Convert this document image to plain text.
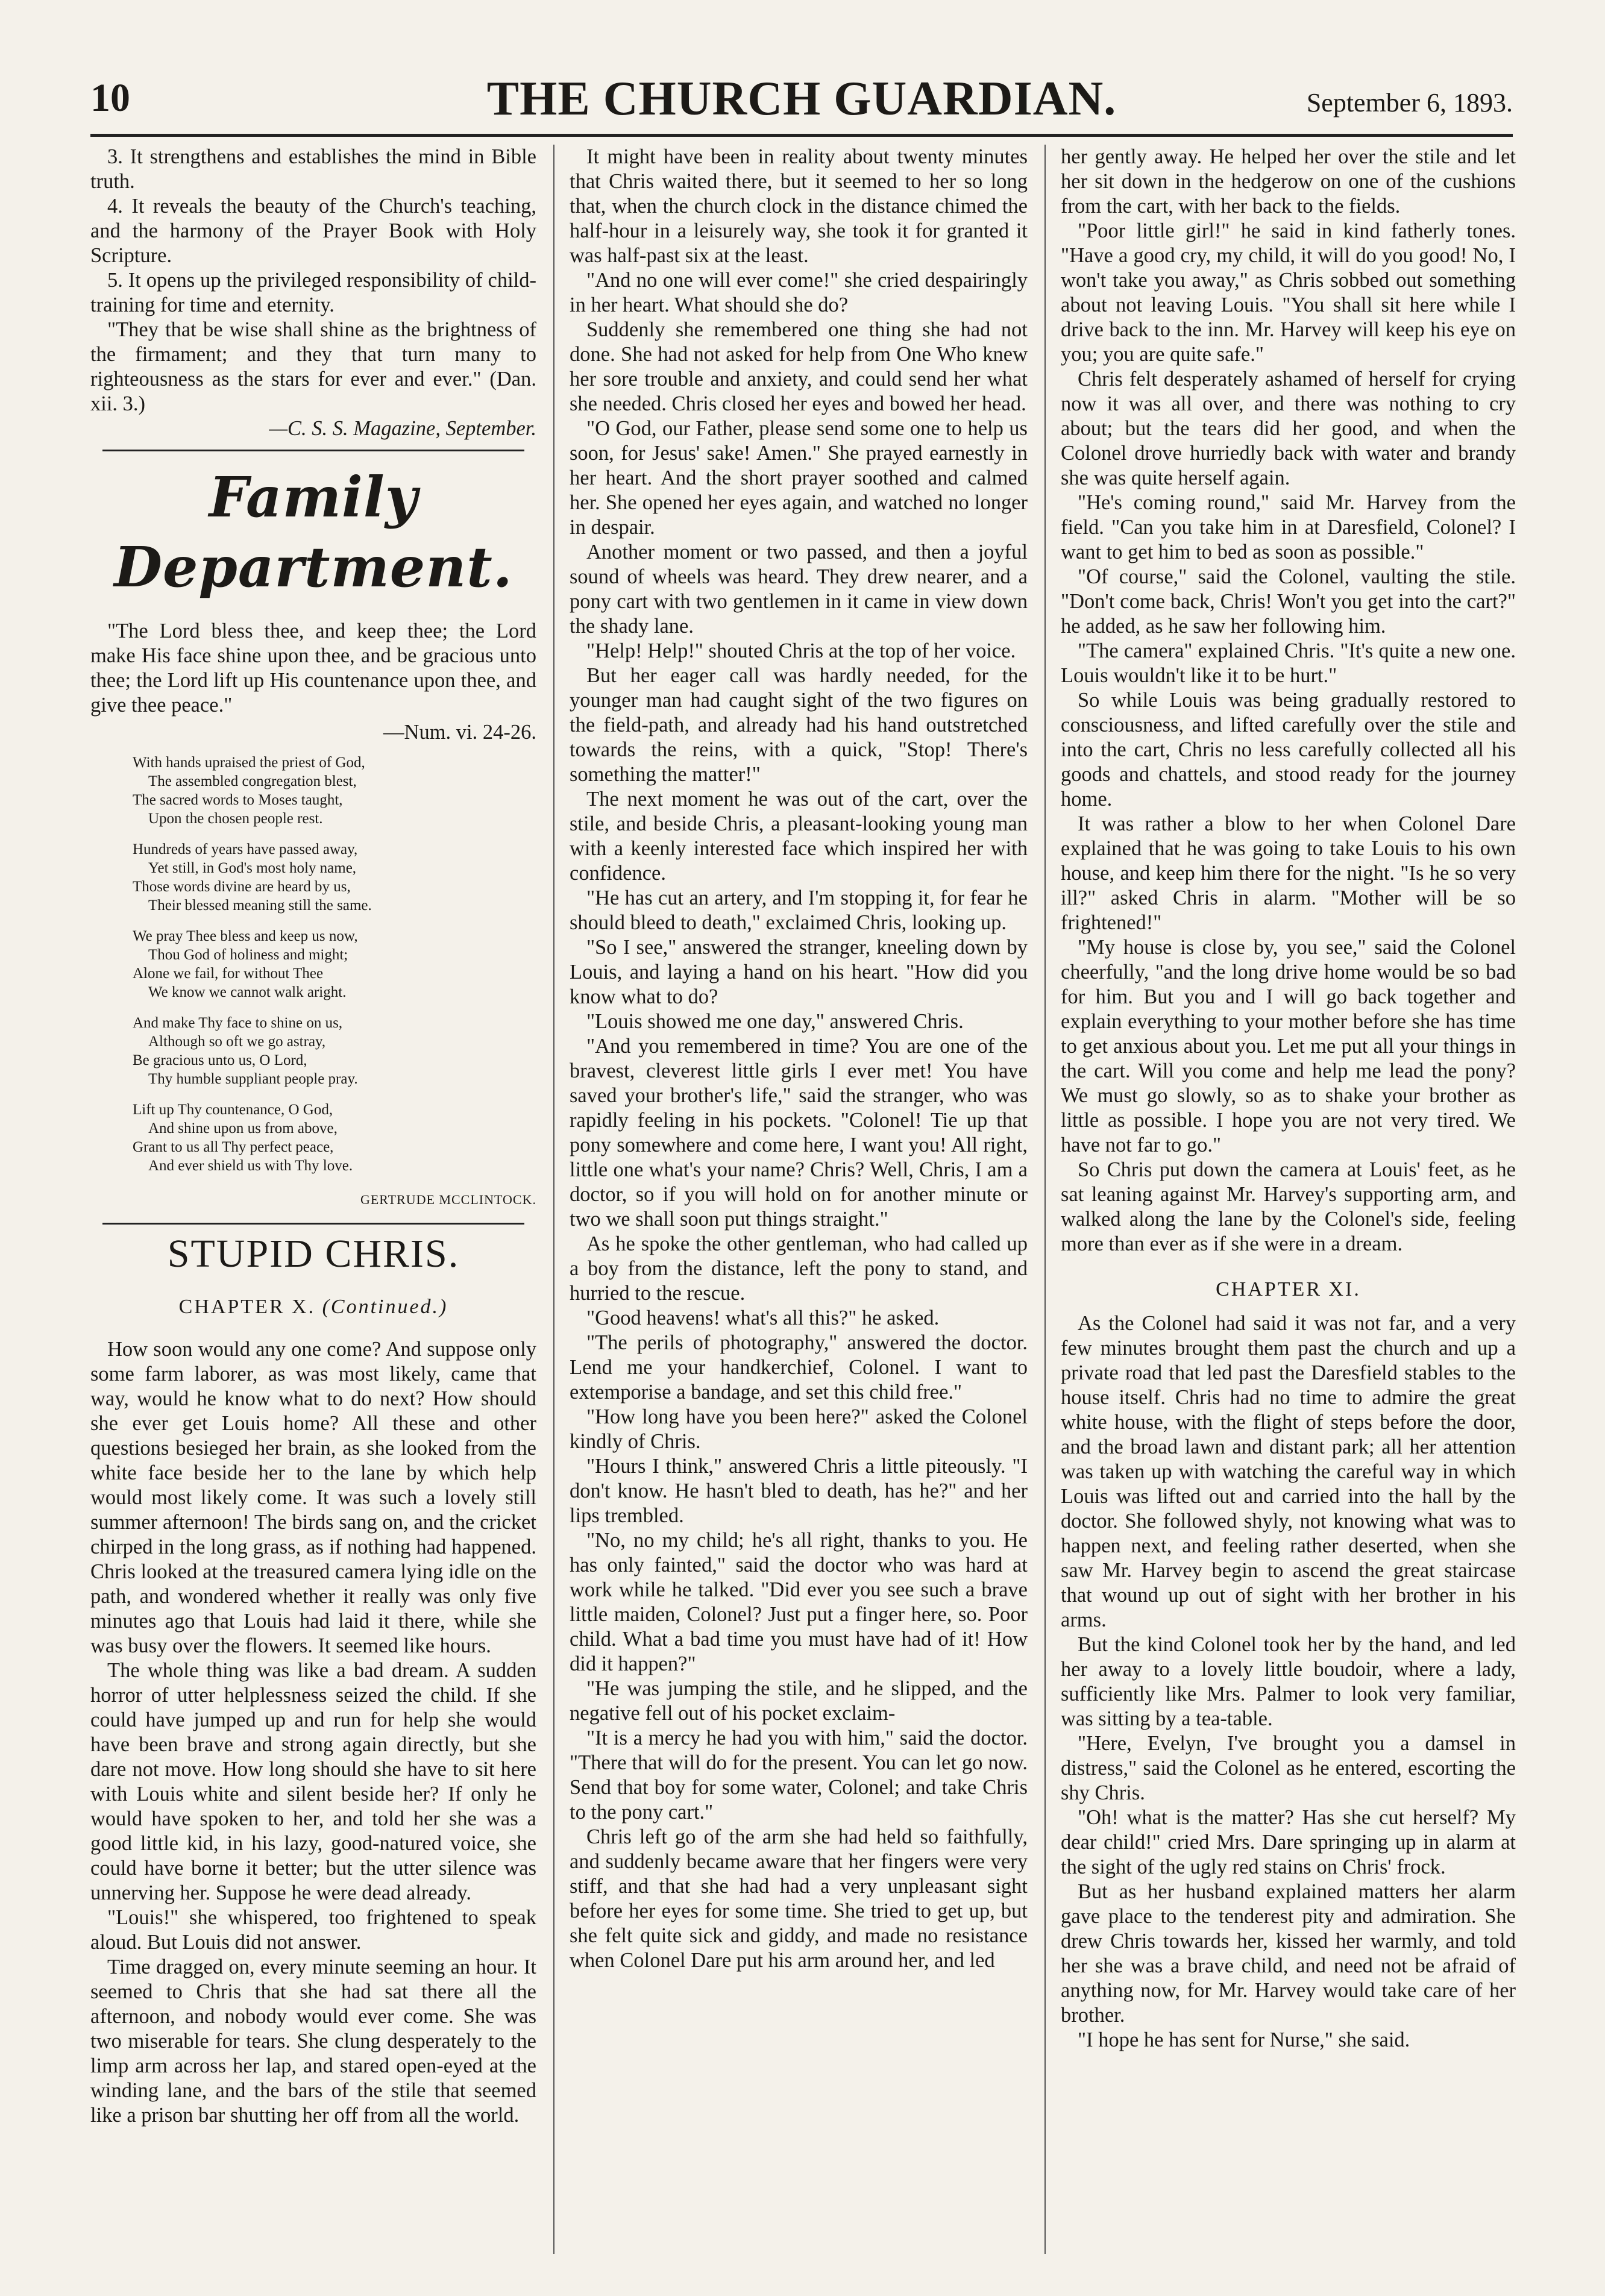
10	THE CHURCH GUARDIAN.	September 6, 1893.

3. It strengthens and establishes the mind in Bible truth.

4. It reveals the beauty of the Church's teaching, and the harmony of the Prayer Book with Holy Scripture.

5. It opens up the privileged responsibility of child-training for time and eternity.

"They that be wise shall shine as the brightness of the firmament; and they that turn many to righteousness as the stars for ever and ever." (Dan. xii. 3.)

—C. S. S. Magazine, September.

Family Department.

"The Lord bless thee, and keep thee; the Lord make His face shine upon thee, and be gracious unto thee; the Lord lift up His countenance upon thee, and give thee peace."

—Num. vi. 24-26.

With hands upraised the priest of God,
The assembled congregation blest,
The sacred words to Moses taught,
Upon the chosen people rest.
Hundreds of years have passed away,
Yet still, in God's most holy name,
Those words divine are heard by us,
Their blessed meaning still the same.
We pray Thee bless and keep us now,
Thou God of holiness and might;
Alone we fail, for without Thee
We know we cannot walk aright.
And make Thy face to shine on us,
Although so oft we go astray,
Be gracious unto us, O Lord,
Thy humble suppliant people pray.
Lift up Thy countenance, O God,
And shine upon us from above,
Grant to us all Thy perfect peace,
And ever shield us with Thy love.
GERTRUDE MCCLINTOCK.
STUPID CHRIS.
CHAPTER X. (Continued.)

How soon would any one come? And suppose only some farm laborer, as was most likely, came that way, would he know what to do next? How should she ever get Louis home? All these and other questions besieged her brain, as she looked from the white face beside her to the lane by which help would most likely come. It was such a lovely still summer afternoon! The birds sang on, and the cricket chirped in the long grass, as if nothing had happened. Chris looked at the treasured camera lying idle on the path, and wondered whether it really was only five minutes ago that Louis had laid it there, while she was busy over the flowers. It seemed like hours.

The whole thing was like a bad dream. A sudden horror of utter helplessness seized the child. If she could have jumped up and run for help she would have been brave and strong again directly, but she dare not move. How long should she have to sit here with Louis white and silent beside her? If only he would have spoken to her, and told her she was a good little kid, in his lazy, good-natured voice, she could have borne it better; but the utter silence was unnerving her. Suppose he were dead already.

"Louis!" she whispered, too frightened to speak aloud. But Louis did not answer.

Time dragged on, every minute seeming an hour. It seemed to Chris that she had sat there all the afternoon, and nobody would ever come. She was two miserable for tears. She clung desperately to the limp arm across her lap, and stared open-eyed at the winding lane, and the bars of the stile that seemed like a prison bar shutting her off from all the world.

It might have been in reality about twenty minutes that Chris waited there, but it seemed to her so long that, when the church clock in the distance chimed the half-hour in a leisurely way, she took it for granted it was half-past six at the least.

"And no one will ever come!" she cried despairingly in her heart. What should she do?

Suddenly she remembered one thing she had not done. She had not asked for help from One Who knew her sore trouble and anxiety, and could send her what she needed. Chris closed her eyes and bowed her head.

"O God, our Father, please send some one to help us soon, for Jesus' sake! Amen." She prayed earnestly in her heart. And the short prayer soothed and calmed her. She opened her eyes again, and watched no longer in despair.

Another moment or two passed, and then a joyful sound of wheels was heard. They drew nearer, and a pony cart with two gentlemen in it came in view down the shady lane.

"Help! Help!" shouted Chris at the top of her voice.

But her eager call was hardly needed, for the younger man had caught sight of the two figures on the field-path, and already had his hand outstretched towards the reins, with a quick, "Stop! There's something the matter!"

The next moment he was out of the cart, over the stile, and beside Chris, a pleasant-looking young man with a keenly interested face which inspired her with confidence.

"He has cut an artery, and I'm stopping it, for fear he should bleed to death," exclaimed Chris, looking up.

"So I see," answered the stranger, kneeling down by Louis, and laying a hand on his heart. "How did you know what to do?

"Louis showed me one day," answered Chris.

"And you remembered in time? You are one of the bravest, cleverest little girls I ever met! You have saved your brother's life," said the stranger, who was rapidly feeling in his pockets. "Colonel! Tie up that pony somewhere and come here, I want you! All right, little one what's your name? Chris? Well, Chris, I am a doctor, so if you will hold on for another minute or two we shall soon put things straight."

As he spoke the other gentleman, who had called up a boy from the distance, left the pony to stand, and hurried to the rescue.

"Good heavens! what's all this?" he asked.

"The perils of photography," answered the doctor. Lend me your handkerchief, Colonel. I want to extemporise a bandage, and set this child free."

"How long have you been here?" asked the Colonel kindly of Chris.

"Hours I think," answered Chris a little piteously. "I don't know. He hasn't bled to death, has he?" and her lips trembled.

"No, no my child; he's all right, thanks to you. He has only fainted," said the doctor who was hard at work while he talked. "Did ever you see such a brave little maiden, Colonel? Just put a finger here, so. Poor child. What a bad time you must have had of it! How did it happen?"

"He was jumping the stile, and he slipped, and the negative fell out of his pocket exclaim-

"It is a mercy he had you with him," said the doctor. "There that will do for the present. You can let go now. Send that boy for some water, Colonel; and take Chris to the pony cart."

Chris left go of the arm she had held so faithfully, and suddenly became aware that her fingers were very stiff, and that she had had a very unpleasant sight before her eyes for some time. She tried to get up, but she felt quite sick and giddy, and made no resistance when Colonel Dare put his arm around her, and led

her gently away. He helped her over the stile and let her sit down in the hedgerow on one of the cushions from the cart, with her back to the fields.

"Poor little girl!" he said in kind fatherly tones. "Have a good cry, my child, it will do you good! No, I won't take you away," as Chris sobbed out something about not leaving Louis. "You shall sit here while I drive back to the inn. Mr. Harvey will keep his eye on you; you are quite safe."

Chris felt desperately ashamed of herself for crying now it was all over, and there was nothing to cry about; but the tears did her good, and when the Colonel drove hurriedly back with water and brandy she was quite herself again.

"He's coming round," said Mr. Harvey from the field. "Can you take him in at Daresfield, Colonel? I want to get him to bed as soon as possible."

"Of course," said the Colonel, vaulting the stile. "Don't come back, Chris! Won't you get into the cart?" he added, as he saw her following him.

"The camera" explained Chris. "It's quite a new one. Louis wouldn't like it to be hurt."

So while Louis was being gradually restored to consciousness, and lifted carefully over the stile and into the cart, Chris no less carefully collected all his goods and chattels, and stood ready for the journey home.

It was rather a blow to her when Colonel Dare explained that he was going to take Louis to his own house, and keep him there for the night. "Is he so very ill?" asked Chris in alarm. "Mother will be so frightened!"

"My house is close by, you see," said the Colonel cheerfully, "and the long drive home would be so bad for him. But you and I will go back together and explain everything to your mother before she has time to get anxious about you. Let me put all your things in the cart. Will you come and help me lead the pony? We must go slowly, so as to shake your brother as little as possible. I hope you are not very tired. We have not far to go."

So Chris put down the camera at Louis' feet, as he sat leaning against Mr. Harvey's supporting arm, and walked along the lane by the Colonel's side, feeling more than ever as if she were in a dream.

CHAPTER XI.

As the Colonel had said it was not far, and a very few minutes brought them past the church and up a private road that led past the Daresfield stables to the house itself. Chris had no time to admire the great white house, with the flight of steps before the door, and the broad lawn and distant park; all her attention was taken up with watching the careful way in which Louis was lifted out and carried into the hall by the doctor. She followed shyly, not knowing what was to happen next, and feeling rather deserted, when she saw Mr. Harvey begin to ascend the great staircase that wound up out of sight with her brother in his arms.

But the kind Colonel took her by the hand, and led her away to a lovely little boudoir, where a lady, sufficiently like Mrs. Palmer to look very familiar, was sitting by a tea-table.

"Here, Evelyn, I've brought you a damsel in distress," said the Colonel as he entered, escorting the shy Chris.

"Oh! what is the matter? Has she cut herself? My dear child!" cried Mrs. Dare springing up in alarm at the sight of the ugly red stains on Chris' frock.

But as her husband explained matters her alarm gave place to the tenderest pity and admiration. She drew Chris towards her, kissed her warmly, and told her she was a brave child, and need not be afraid of anything now, for Mr. Harvey would take care of her brother.

"I hope he has sent for Nurse," she said.
